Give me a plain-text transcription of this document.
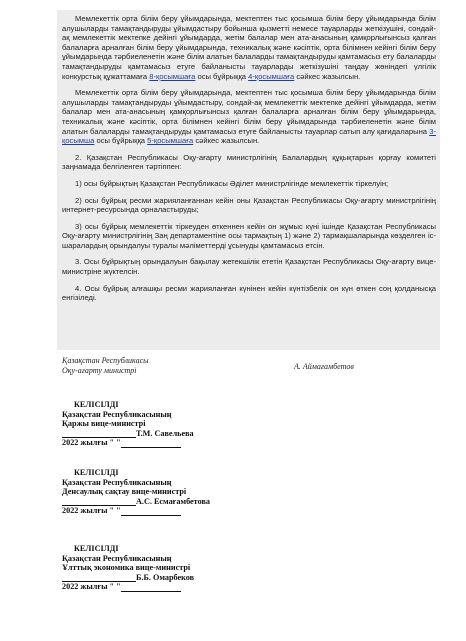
Мемлекеттік орта білім беру ұйымдарында, мектептен тыс қосымша білім беру ұйымдарында білім алушыларды тамақтандыруды ұйымдастыру бойынша қызметті немесе тауарларды жеткізушіні, сондай-ақ мемлекеттік мектепке дейінгі ұйымдарда, жетім балалар мен ата-анасының қамқорлығынсыз қалған балаларға арналған білім беру ұйымдарында, техникалық және кәсіптік, орта білімнен кейінгі білім беру ұйымдарында тәрбиеленетін және білім алатын балаларды тамақтандыруды қамтамасыз ету балаларды тамақтандыруды қамтамасыз етуге байланысты тауарларды жеткізушіні таңдау жөніндегі үлгілік конкурстық құжаттамаға 8-қосымшаға осы бұйрыққа 4-қосымшаға сәйкес жазылсын.

Мемлекеттік орта білім беру ұйымдарында, мектептен тыс қосымша білім беру ұйымдарында білім алушыларды тамақтандыруды ұйымдастыру, сондай-ақ мемлекеттік мектепке дейінгі ұйымдарда, жетім балалар мен ата-анасының қамқорлығынсыз қалған балаларға арналған білім беру ұйымдарында, техникалық және кәсіптік, орта білімнен кейінгі білім беру ұйымдарында тәрбиеленетін және білім алатын балаларды тамақтандыруды қамтамасыз етуге байланысты тауарлар сатып алу қағидаларына 3-қосымша осы бұйрыққа 5-қосымшаға сәйкес жазылсын.

2. Қазақстан Республикасы Оқу-ағарту министрлігінің Балалардың құқықтарын қорғау комитеті заңнамада белгіленген тәртіппен:

1) осы бұйрықтың Қазақстан Республикасы Әділет министрлігінде мемлекеттік тіркелуін;

2) осы бұйрық ресми жарияланғаннан кейін оны Қазақстан Республикасы Оқу-ағарту министрлігінің интернет-ресурсында орналастыруды;

3) осы бұйрық мемлекеттік тіркеуден өткеннен кейін он жұмыс күні ішінде Қазақстан Республикасы Оқу-ағарту министрлігінің Заң департаментіне осы тармақтың 1) және 2) тармақшаларында көзделген іс-шаралардың орындалуы туралы мәліметтерді ұсынуды қамтамасыз етсін.

3. Осы бұйрықтың орындалуын бақылау жетекшілік ететін Қазақстан Республикасы Оқу-ағарту вице-министріне жүктелсін.

4. Осы бұйрық алғашқы ресми жарияланған күнінен кейін күнтізбелік он күн өткен соң қолданысқа енгізіледі.

Қазақстан Республикасы
Оқу-ағарту министрі	А. Аймағамбетов
КЕЛІСІЛДІ
Қазақстан Республикасының
Қаржы вице-министрі
Т.М. Савельева
2022 жылғы " "
КЕЛІСІЛДІ
Қазақстан Республикасының
Денсаулық сақтау вице-министрі
А.С. Есмағамбетова
2022 жылғы " "
КЕЛІСІЛДІ
Қазақстан Республикасының
Ұлттық экономика вице-министрі
Б.Б. Омарбеков
2022 жылғы " "
